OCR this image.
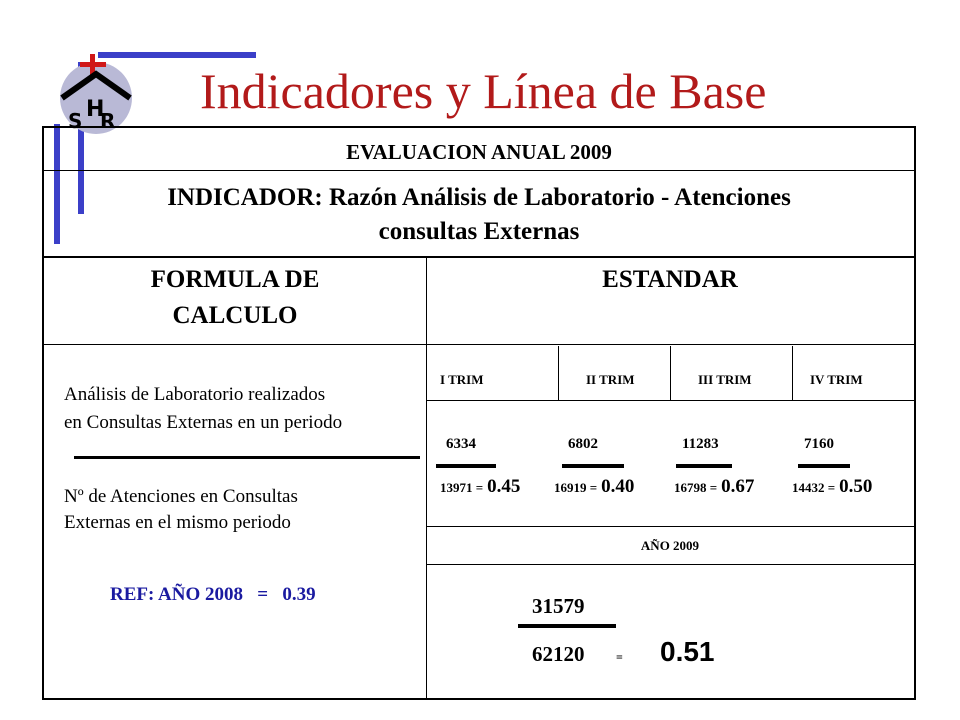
H
S R
Indicadores y Línea de Base
EVALUACION ANUAL 2009
INDICADOR: Razón Análisis de Laboratorio - Atenciones
consultas Externas
FORMULA DE
CALCULO
ESTANDAR
Análisis de Laboratorio realizados
en Consultas Externas en un periodo
Nº de Atenciones en Consultas
Externas en el mismo periodo
REF: AÑO 2008   =   0.39
I TRIM	II TRIM	III TRIM	IV TRIM
6334	6802	11283	7160
13971 = 0.45	16919 = 0.40	16798 = 0.67	14432 = 0.50
AÑO 2009
31579
62120	= 0.51
